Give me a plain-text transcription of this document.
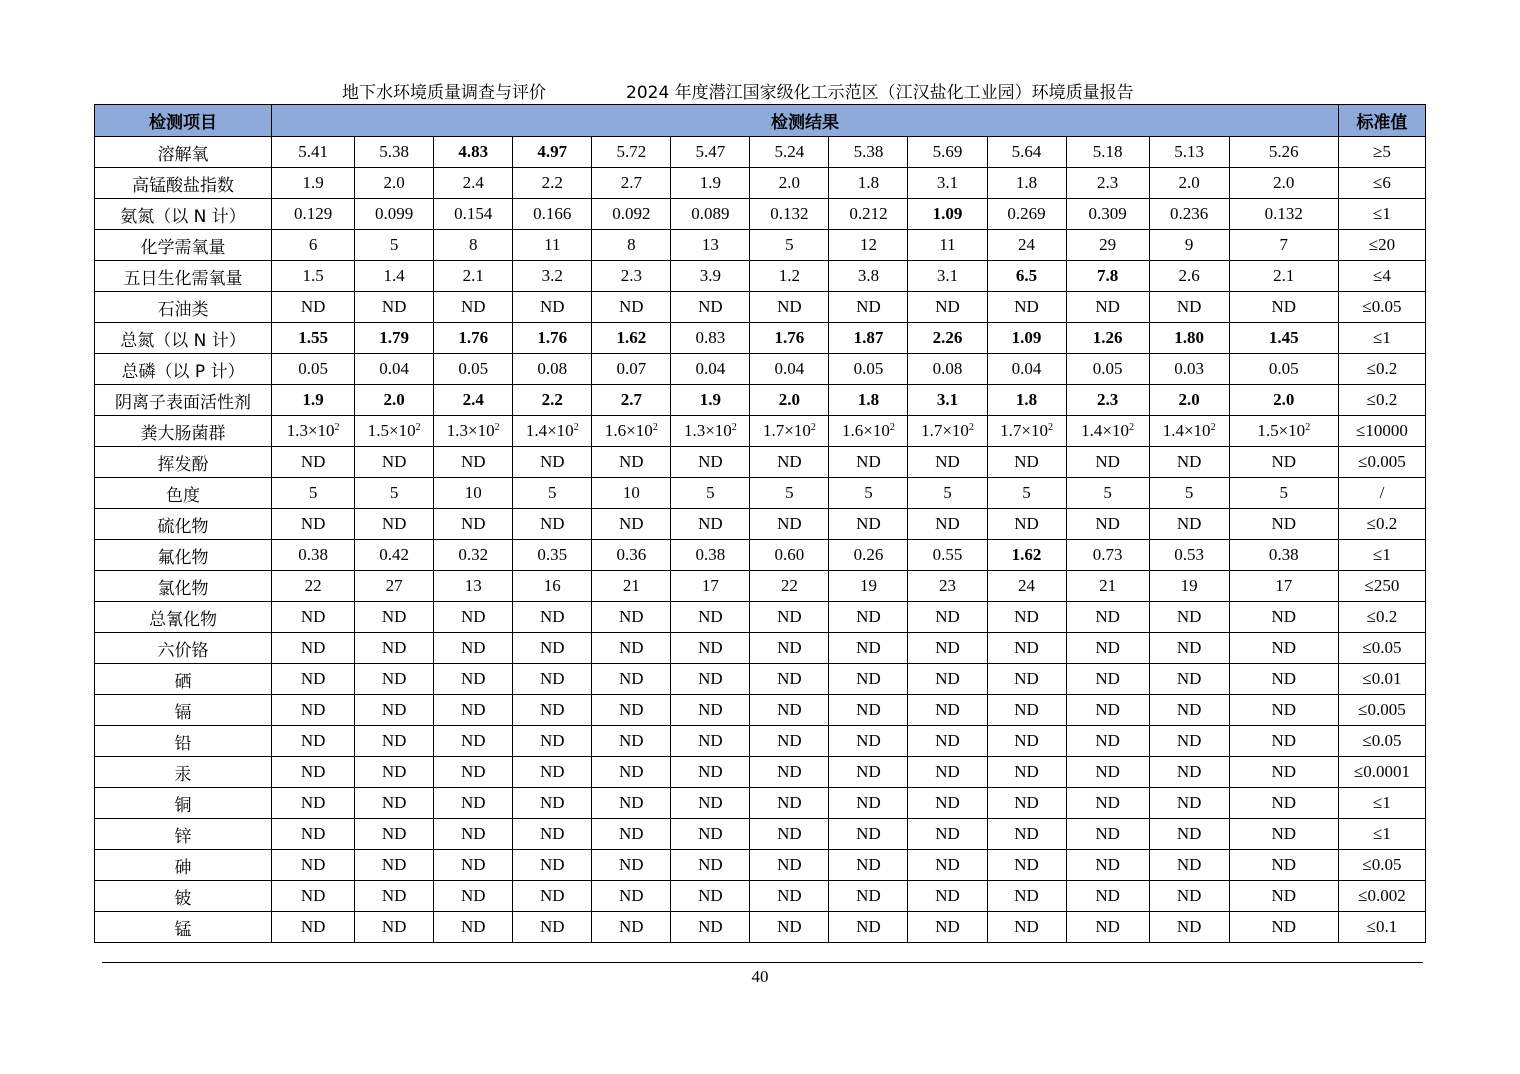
地下水环境质量调查与评价	2024 年度潜江国家级化工示范区（江汉盐化工业园）环境质量报告
检测项目	检测结果													标准值
溶解氧	5.41	5.38	4.83	4.97	5.72	5.47	5.24	5.38	5.69	5.64	5.18	5.13	5.26	≥5
高锰酸盐指数	1.9	2.0	2.4	2.2	2.7	1.9	2.0	1.8	3.1	1.8	2.3	2.0	2.0	≤6
氨氮（以 N 计）	0.129	0.099	0.154	0.166	0.092	0.089	0.132	0.212	1.09	0.269	0.309	0.236	0.132	≤1
化学需氧量	6	5	8	11	8	13	5	12	11	24	29	9	7	≤20
五日生化需氧量	1.5	1.4	2.1	3.2	2.3	3.9	1.2	3.8	3.1	6.5	7.8	2.6	2.1	≤4
石油类	ND	ND	ND	ND	ND	ND	ND	ND	ND	ND	ND	ND	ND	≤0.05
总氮（以 N 计）	1.55	1.79	1.76	1.76	1.62	0.83	1.76	1.87	2.26	1.09	1.26	1.80	1.45	≤1
总磷（以 P 计）	0.05	0.04	0.05	0.08	0.07	0.04	0.04	0.05	0.08	0.04	0.05	0.03	0.05	≤0.2
阴离子表面活性剂	1.9	2.0	2.4	2.2	2.7	1.9	2.0	1.8	3.1	1.8	2.3	2.0	2.0	≤0.2
粪大肠菌群	$1.3\times 10^2$	$1.5\times 10^2$	$1.3\times 10^2$	$1.4\times 10^2$	$1.6\times 10^2$	$1.3\times 10^2$	$1.7\times 10^2$	$1.6\times 10^2$	$1.7\times 10^2$	$1.7\times 10^2$	$1.4\times 10^2$	$1.4\times 10^2$	$1.5\times 10^2$	≤10000
挥发酚	ND	ND	ND	ND	ND	ND	ND	ND	ND	ND	ND	ND	ND	≤0.005
色度	5	5	10	5	10	5	5	5	5	5	5	5	5	/
硫化物	ND	ND	ND	ND	ND	ND	ND	ND	ND	ND	ND	ND	ND	≤0.2
氟化物	0.38	0.42	0.32	0.35	0.36	0.38	0.60	0.26	0.55	1.62	0.73	0.53	0.38	≤1
氯化物	22	27	13	16	21	17	22	19	23	24	21	19	17	≤250
总氰化物	ND	ND	ND	ND	ND	ND	ND	ND	ND	ND	ND	ND	ND	≤0.2
六价铬	ND	ND	ND	ND	ND	ND	ND	ND	ND	ND	ND	ND	ND	≤0.05
硒	ND	ND	ND	ND	ND	ND	ND	ND	ND	ND	ND	ND	ND	≤0.01
镉	ND	ND	ND	ND	ND	ND	ND	ND	ND	ND	ND	ND	ND	≤0.005
铅	ND	ND	ND	ND	ND	ND	ND	ND	ND	ND	ND	ND	ND	≤0.05
汞	ND	ND	ND	ND	ND	ND	ND	ND	ND	ND	ND	ND	ND	≤0.0001
铜	ND	ND	ND	ND	ND	ND	ND	ND	ND	ND	ND	ND	ND	≤1
锌	ND	ND	ND	ND	ND	ND	ND	ND	ND	ND	ND	ND	ND	≤1
砷	ND	ND	ND	ND	ND	ND	ND	ND	ND	ND	ND	ND	ND	≤0.05
铍	ND	ND	ND	ND	ND	ND	ND	ND	ND	ND	ND	ND	ND	≤0.002
锰	ND	ND	ND	ND	ND	ND	ND	ND	ND	ND	ND	ND	ND	≤0.1
40
